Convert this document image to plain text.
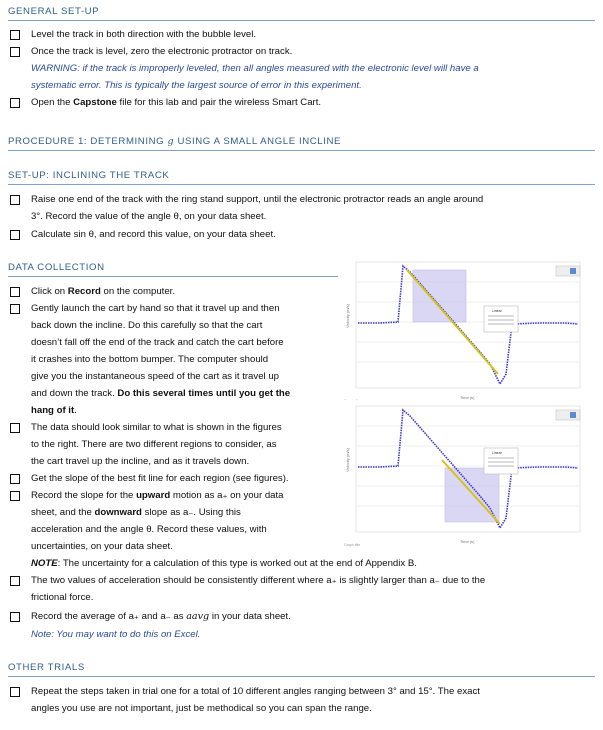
GENERAL SET-UP
Level the track in both direction with the bubble level.
Once the track is level, zero the electronic protractor on track.
WARNING: if the track is improperly leveled, then all angles measured with the electronic level will have a
systematic error. This is typically the largest source of error in this experiment.
Open the Capstone file for this lab and pair the wireless Smart Cart.
PROCEDURE 1: DETERMINING g USING A SMALL ANGLE INCLINE
SET-UP: INCLINING THE TRACK
Raise one end of the track with the ring stand support, until the electronic protractor reads an angle around
3°. Record the value of the angle θ, on your data sheet.
Calculate sin θ, and record this value, on your data sheet.
DATA COLLECTION
Click on Record on the computer.
Gently launch the cart by hand so that it travel up and then
back down the incline. Do this carefully so that the cart
doesn’t fall off the end of the track and catch the cart before
it crashes into the bottom bumper. The computer should
give you the instantaneous speed of the cart as it travel up
and down the track. Do this several times until you get the
hang of it.
The data should look similar to what is shown in the figures
to the right. There are two different regions to consider, as
the cart travel up the incline, and as it travels down.
Get the slope of the best fit line for each region (see figures).
Record the slope for the upward motion as a₊ on your data
sheet, and the downward slope as a₋. Using this
acceleration and the angle θ. Record these values, with
uncertainties, on your data sheet.
NOTE: The uncertainty for a calculation of this type is worked out at the end of Appendix B.
The two values of acceleration should be consistently different where a₊ is slightly larger than a₋ due to the
frictional force.
Record the average of a₊ and a₋ as aavg in your data sheet.
Note: You may want to do this on Excel.
OTHER TRIALS
Repeat the steps taken in trial one for a total of 10 different angles ranging between 3° and 15°. The exact
angles you use are not important, just be methodical so you can span the range.
Velocity (m/s)
Time (s)
Linear
Velocity (m/s)
Time (s)
Graph title
Linear
